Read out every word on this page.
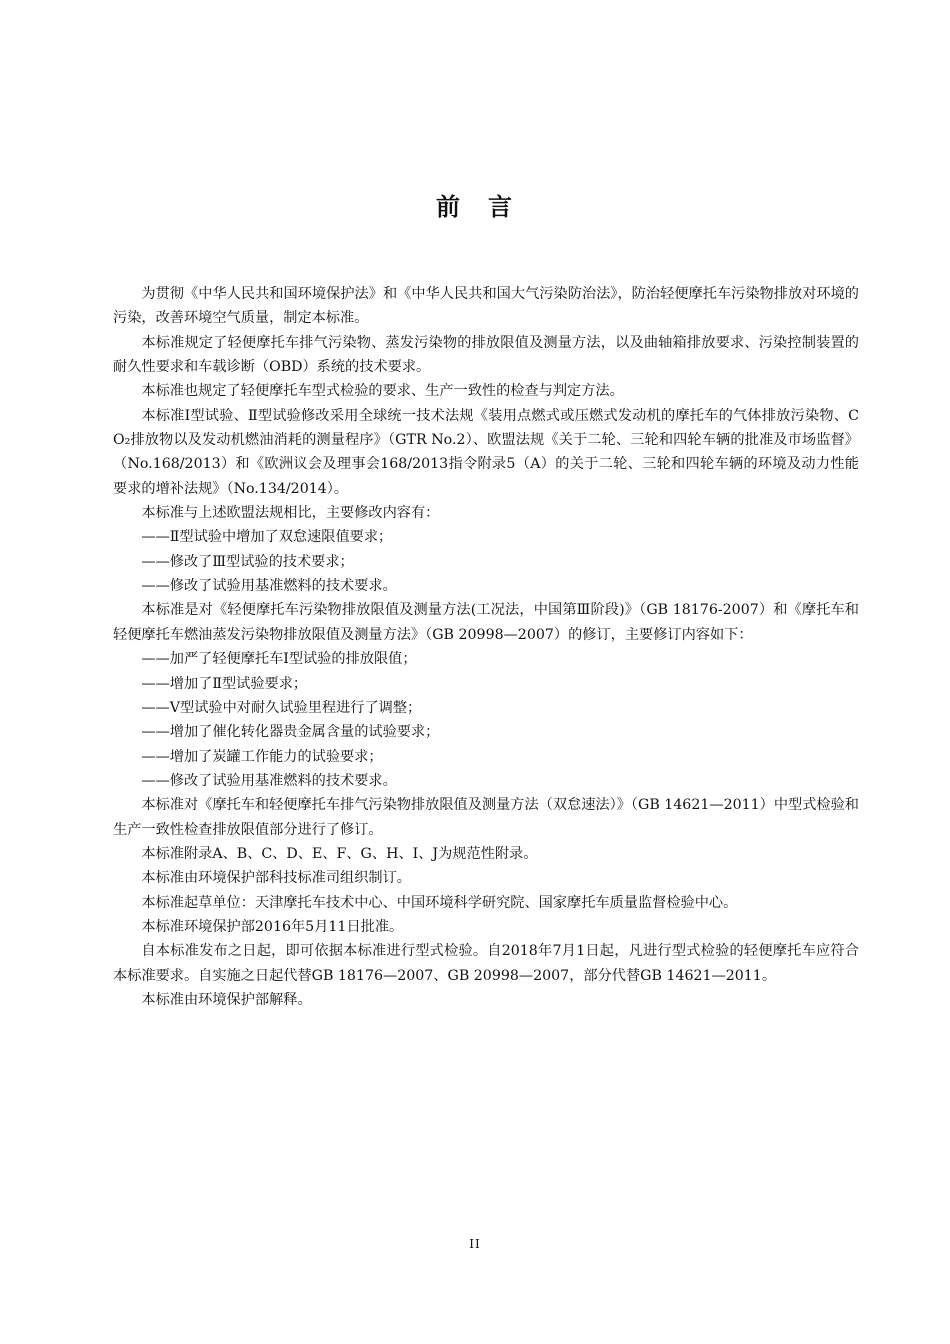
前　言

为贯彻《中华人民共和国环境保护法》和《中华人民共和国大气污染防治法》，防治轻便摩托车污染物排放对环境的污染，改善环境空气质量，制定本标准。

本标准规定了轻便摩托车排气污染物、蒸发污染物的排放限值及测量方法，以及曲轴箱排放要求、污染控制装置的耐久性要求和车载诊断（OBD）系统的技术要求。

本标准也规定了轻便摩托车型式检验的要求、生产一致性的检查与判定方法。

本标准Ⅰ型试验、Ⅱ型试验修改采用全球统一技术法规《装用点燃式或压燃式发动机的摩托车的气体排放污染物、CO₂排放物以及发动机燃油消耗的测量程序》（GTR No.2）、欧盟法规《关于二轮、三轮和四轮车辆的批准及市场监督》（No.168/2013）和《欧洲议会及理事会168/2013指令附录5（A）的关于二轮、三轮和四轮车辆的环境及动力性能要求的增补法规》（No.134/2014）。

本标准与上述欧盟法规相比，主要修改内容有：

——Ⅱ型试验中增加了双怠速限值要求；

——修改了Ⅲ型试验的技术要求；

——修改了试验用基准燃料的技术要求。

本标准是对《轻便摩托车污染物排放限值及测量方法(工况法，中国第Ⅲ阶段)》（GB 18176-2007）和《摩托车和轻便摩托车燃油蒸发污染物排放限值及测量方法》（GB 20998—2007）的修订，主要修订内容如下：

——加严了轻便摩托车Ⅰ型试验的排放限值；

——增加了Ⅱ型试验要求；

——Ⅴ型试验中对耐久试验里程进行了调整；

——增加了催化转化器贵金属含量的试验要求；

——增加了炭罐工作能力的试验要求；

——修改了试验用基准燃料的技术要求。

本标准对《摩托车和轻便摩托车排气污染物排放限值及测量方法（双怠速法）》（GB 14621—2011）中型式检验和生产一致性检查排放限值部分进行了修订。

本标准附录A、B、C、D、E、F、G、H、I、J为规范性附录。

本标准由环境保护部科技标准司组织制订。

本标准起草单位：天津摩托车技术中心、中国环境科学研究院、国家摩托车质量监督检验中心。

本标准环境保护部2016年5月11日批准。

自本标准发布之日起，即可依据本标准进行型式检验。自2018年7月1日起，凡进行型式检验的轻便摩托车应符合本标准要求。自实施之日起代替GB 18176—2007、GB 20998—2007，部分代替GB 14621—2011。

本标准由环境保护部解释。

II
